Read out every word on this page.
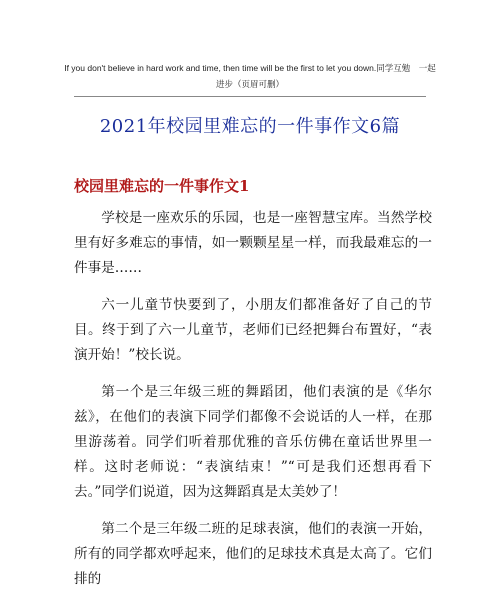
If you don't believe in hard work and time, then time will be the first to let you down.同学互勉　一起进步（页眉可删）
2021年校园里难忘的一件事作文6篇
校园里难忘的一件事作文1

学校是一座欢乐的乐园，也是一座智慧宝库。当然学校里有好多难忘的事情，如一颗颗星星一样，而我最难忘的一件事是……

六一儿童节快要到了，小朋友们都准备好了自己的节目。终于到了六一儿童节，老师们已经把舞台布置好，“表演开始！”校长说。

第一个是三年级三班的舞蹈团，他们表演的是《华尔兹》，在他们的表演下同学们都像不会说话的人一样，在那里游荡着。同学们听着那优雅的音乐仿佛在童话世界里一样。这时老师说：“表演结束！”“可是我们还想再看下去。”同学们说道，因为这舞蹈真是太美妙了！

第二个是三年级二班的足球表演，他们的表演一开始，所有的同学都欢呼起来，他们的足球技术真是太高了。它们排的
